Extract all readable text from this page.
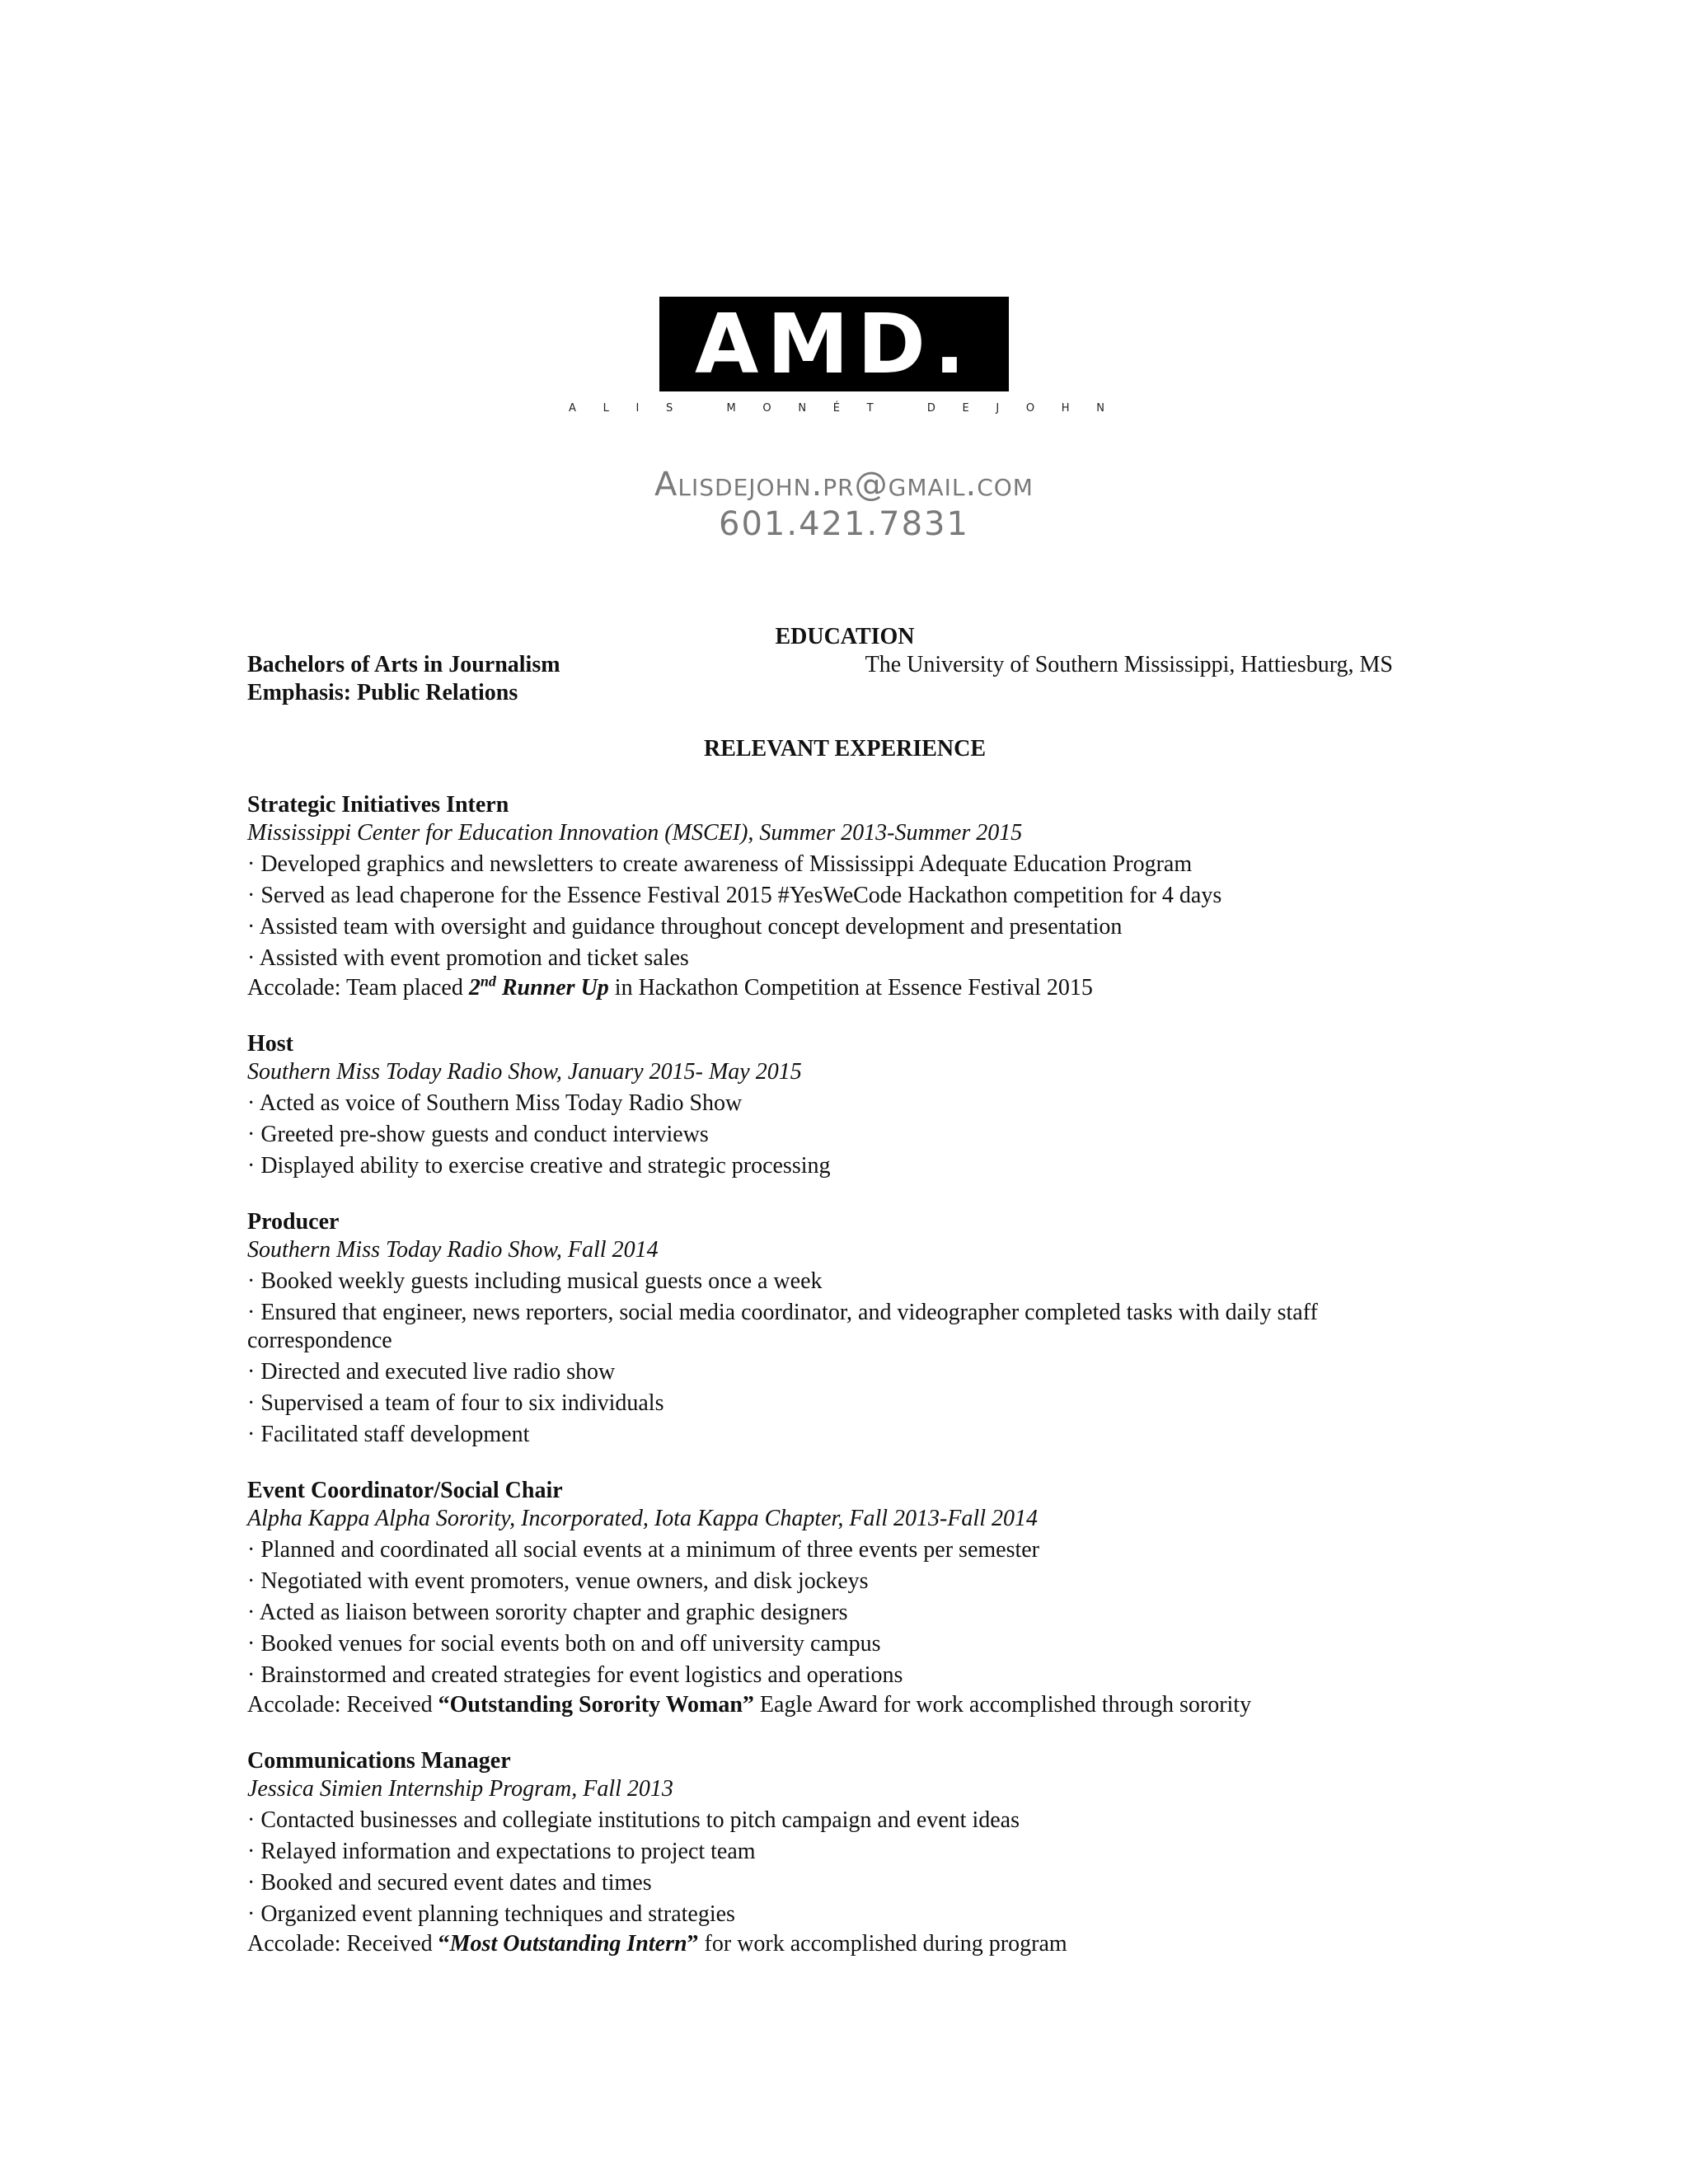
AMD.
A	L	I	S	M	O	N	É	T	D	E	J	O	H	N
Alisdejohn.pr@gmail.com
601.421.7831

EDUCATION

Bachelors of Arts in Journalism
Emphasis: Public Relations
The University of Southern Mississippi, Hattiesburg, MS

RELEVANT EXPERIENCE

Strategic Initiatives Intern
Mississippi Center for Education Innovation (MSCEI), Summer 2013-Summer 2015
· Developed graphics and newsletters to create awareness of Mississippi Adequate Education Program
· Served as lead chaperone for the Essence Festival 2015 #YesWeCode Hackathon competition for 4 days
· Assisted team with oversight and guidance throughout concept development and presentation
· Assisted with event promotion and ticket sales
Accolade: Team placed 2nd Runner Up in Hackathon Competition at Essence Festival 2015
Host
Southern Miss Today Radio Show, January 2015- May 2015
· Acted as voice of Southern Miss Today Radio Show
· Greeted pre-show guests and conduct interviews
· Displayed ability to exercise creative and strategic processing
Producer
Southern Miss Today Radio Show, Fall 2014
· Booked weekly guests including musical guests once a week
· Ensured that engineer, news reporters, social media coordinator, and videographer completed tasks with daily staff correspondence
· Directed and executed live radio show
· Supervised a team of four to six individuals
· Facilitated staff development
Event Coordinator/Social Chair
Alpha Kappa Alpha Sorority, Incorporated, Iota Kappa Chapter, Fall 2013-Fall 2014
· Planned and coordinated all social events at a minimum of three events per semester
· Negotiated with event promoters, venue owners, and disk jockeys
· Acted as liaison between sorority chapter and graphic designers
· Booked venues for social events both on and off university campus
· Brainstormed and created strategies for event logistics and operations
Accolade: Received “Outstanding Sorority Woman” Eagle Award for work accomplished through sorority
Communications Manager
Jessica Simien Internship Program, Fall 2013
· Contacted businesses and collegiate institutions to pitch campaign and event ideas
· Relayed information and expectations to project team
· Booked and secured event dates and times
· Organized event planning techniques and strategies
Accolade: Received “Most Outstanding Intern” for work accomplished during program
